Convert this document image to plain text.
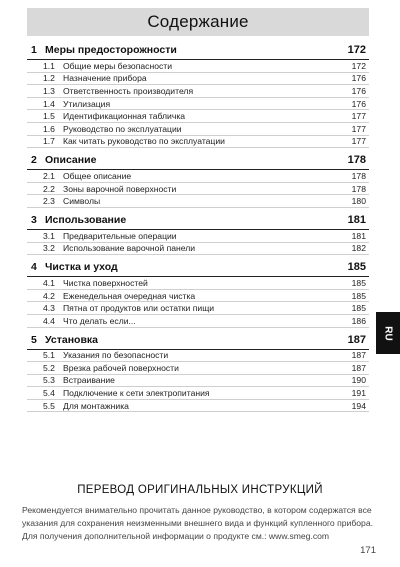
Содержание
1 Меры предосторожности	172
1.1 Общие меры безопасности	172
1.2 Назначение прибора	176
1.3 Ответственность производителя	176
1.4 Утилизация	176
1.5 Идентификационная табличка	177
1.6 Руководство по эксплуатации	177
1.7 Как читать руководство по эксплуатации	177
2 Описание	178
2.1 Общее описание	178
2.2 Зоны варочной поверхности	178
2.3 Символы	180
3 Использование	181
3.1 Предварительные операции	181
3.2 Использование варочной панели	182
4 Чистка и уход	185
4.1 Чистка поверхностей	185
4.2 Еженедельная очередная чистка	185
4.3 Пятна от продуктов или остатки пищи	185
4.4 Что делать если...	186
5 Установка	187
5.1 Указания по безопасности	187
5.2 Врезка рабочей поверхности	187
5.3 Встраивание	190
5.4 Подключение к сети электропитания	191
5.5 Для монтажника	194
RU
ПЕРЕВОД ОРИГИНАЛЬНЫХ ИНСТРУКЦИЙ

Рекомендуется внимательно прочитать данное руководство, в котором содержатся все указания для сохранения неизменными внешнего вида и функций купленного прибора.

Для получения дополнительной информации о продукте см.: www.smeg.com

171
